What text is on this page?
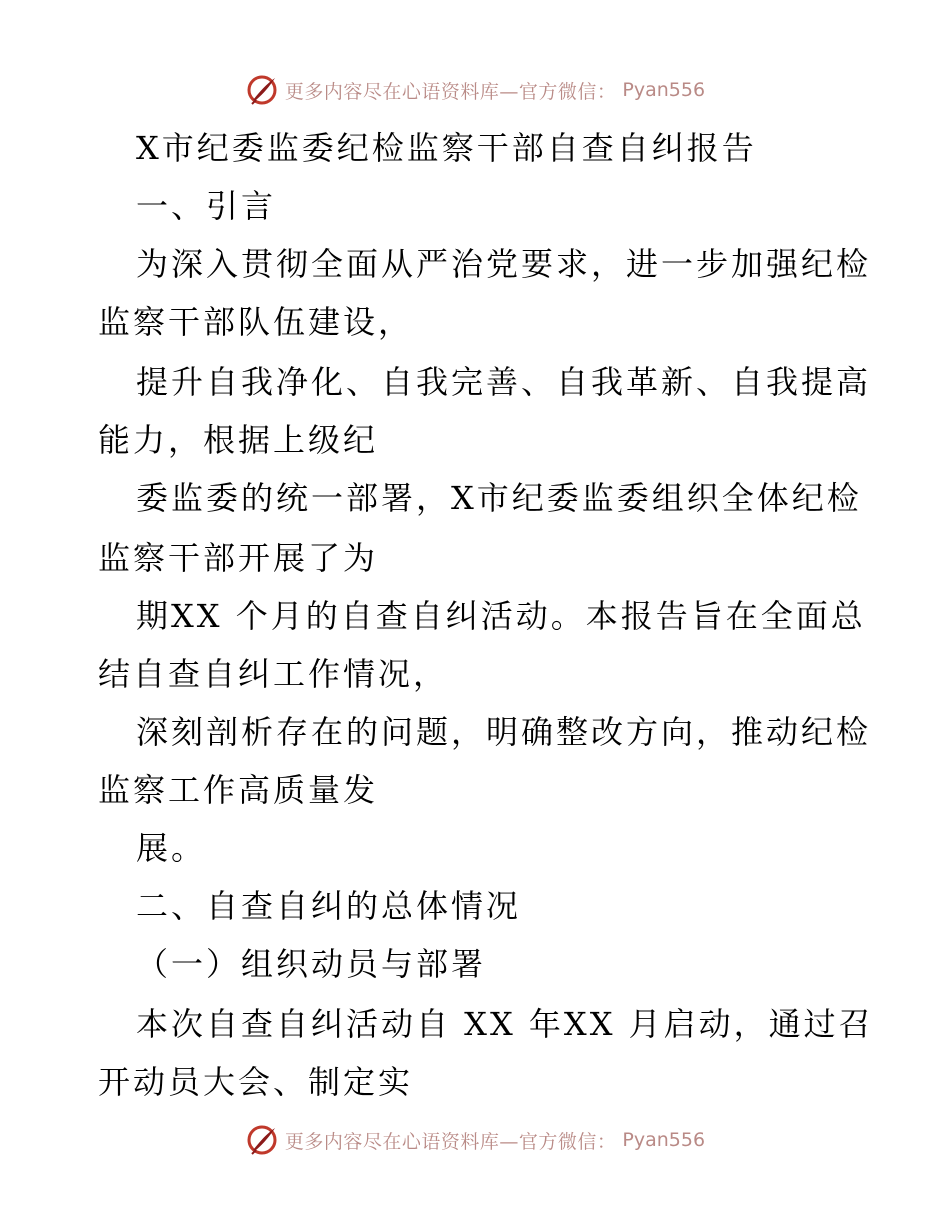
更多内容尽在心语资料库—官方微信： Pyan556
X市纪委监委纪检监察干部自查自纠报告
一、引言
为深入贯彻全面从严治党要求，进一步加强纪检
监察干部队伍建设，
提升自我净化、自我完善、自我革新、自我提高
能力，根据上级纪
委监委的统一部署，X市纪委监委组织全体纪检
监察干部开展了为
期XX 个月的自查自纠活动。本报告旨在全面总
结自查自纠工作情况，
深刻剖析存在的问题，明确整改方向，推动纪检
监察工作高质量发
展。
二、自查自纠的总体情况
（一）组织动员与部署
本次自查自纠活动自 XX 年XX 月启动，通过召
开动员大会、制定实
更多内容尽在心语资料库—官方微信： Pyan556
